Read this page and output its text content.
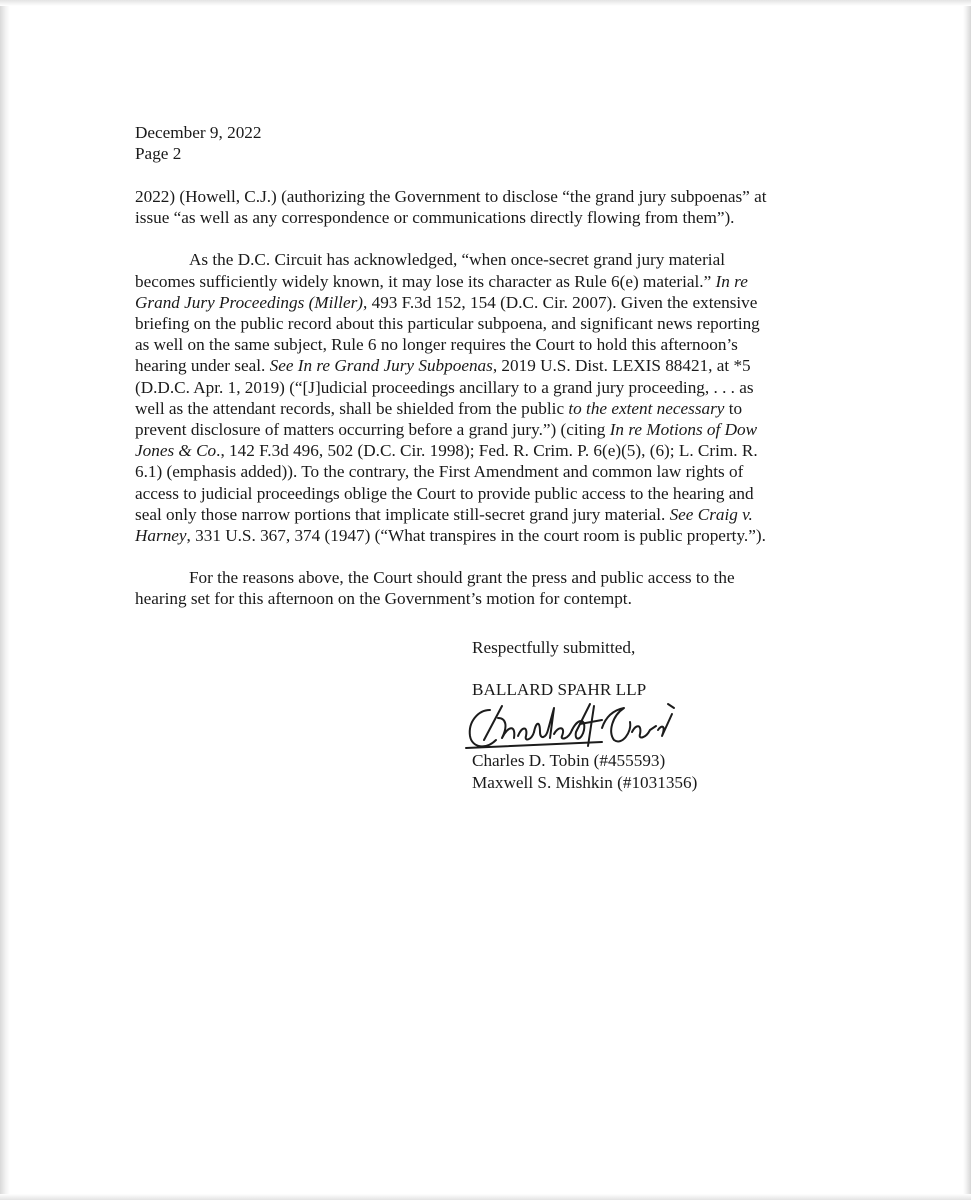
December 9, 2022
Page 2
2022) (Howell, C.J.) (authorizing the Government to disclose “the grand jury subpoenas” at
issue “as well as any correspondence or communications directly flowing from them”).
As the D.C. Circuit has acknowledged, “when once-secret grand jury material
becomes sufficiently widely known, it may lose its character as Rule 6(e) material.” In re
Grand Jury Proceedings (Miller), 493 F.3d 152, 154 (D.C. Cir. 2007). Given the extensive
briefing on the public record about this particular subpoena, and significant news reporting
as well on the same subject, Rule 6 no longer requires the Court to hold this afternoon’s
hearing under seal. See In re Grand Jury Subpoenas, 2019 U.S. Dist. LEXIS 88421, at *5
(D.D.C. Apr. 1, 2019) (“[J]udicial proceedings ancillary to a grand jury proceeding, . . . as
well as the attendant records, shall be shielded from the public to the extent necessary to
prevent disclosure of matters occurring before a grand jury.”) (citing In re Motions of Dow
Jones & Co., 142 F.3d 496, 502 (D.C. Cir. 1998); Fed. R. Crim. P. 6(e)(5), (6); L. Crim. R.
6.1) (emphasis added)). To the contrary, the First Amendment and common law rights of
access to judicial proceedings oblige the Court to provide public access to the hearing and
seal only those narrow portions that implicate still-secret grand jury material. See Craig v.
Harney, 331 U.S. 367, 374 (1947) (“What transpires in the court room is public property.”).
For the reasons above, the Court should grant the press and public access to the
hearing set for this afternoon on the Government’s motion for contempt.
Respectfully submitted,
BALLARD SPAHR LLP
Charles D. Tobin (#455593)
Maxwell S. Mishkin (#1031356)
